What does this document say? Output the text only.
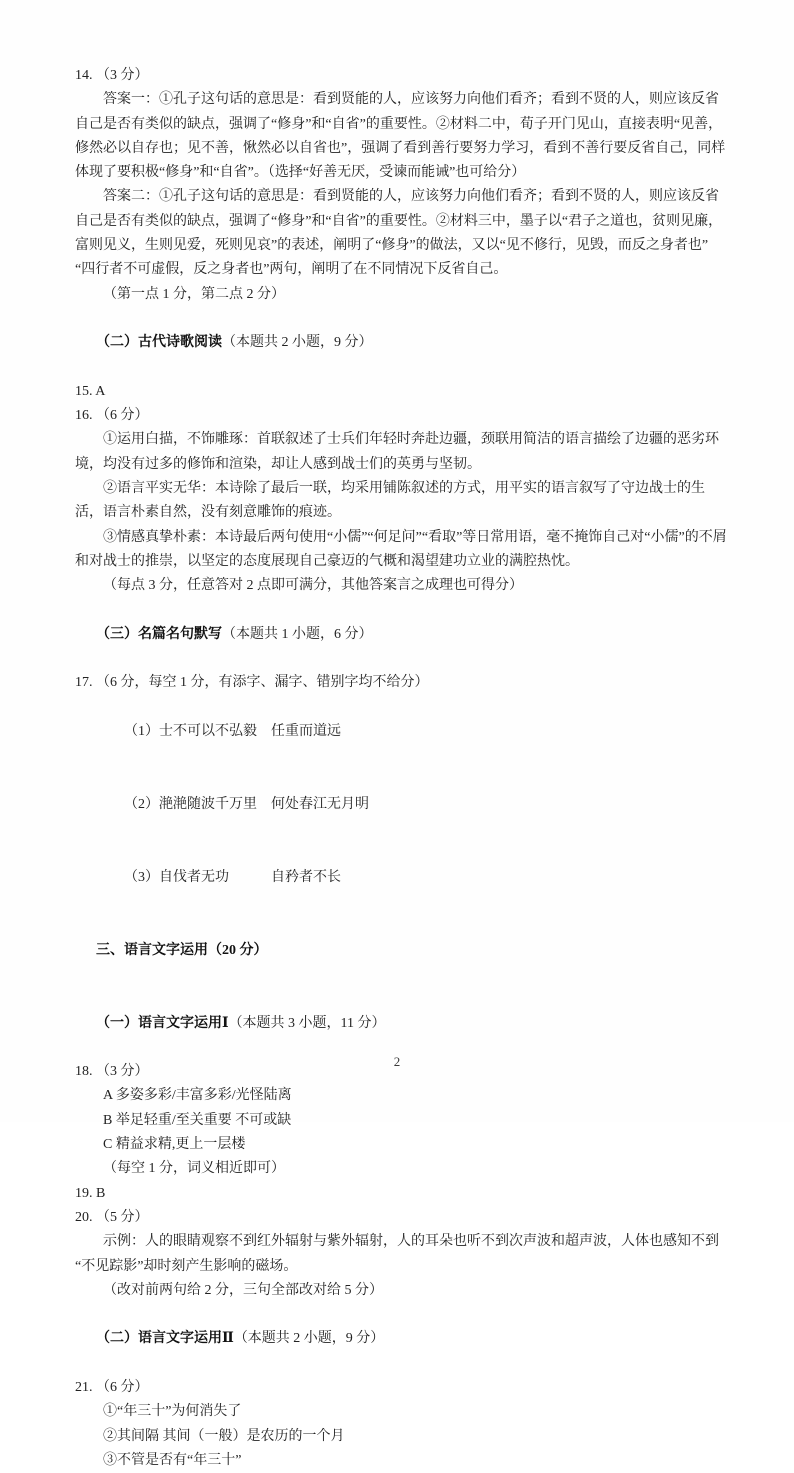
14. （3 分）
答案一：①孔子这句话的意思是：看到贤能的人，应该努力向他们看齐；看到不贤的人，则应该反省自己是否有类似的缺点，强调了“修身”和“自省”的重要性。②材料二中，荀子开门见山，直接表明“见善，修然必以自存也；见不善，愀然必以自省也”，强调了看到善行要努力学习，看到不善行要反省自己，同样体现了要积极“修身”和“自省”。（选择“好善无厌，受谏而能诫”也可给分）
答案二：①孔子这句话的意思是：看到贤能的人，应该努力向他们看齐；看到不贤的人，则应该反省自己是否有类似的缺点，强调了“修身”和“自省”的重要性。②材料三中，墨子以“君子之道也，贫则见廉，富则见义，生则见爱，死则见哀”的表述，阐明了“修身”的做法，又以“见不修行，见毁，而反之身者也”“四行者不可虚假，反之身者也”两句，阐明了在不同情况下反省自己。
（第一点 1 分，第二点 2 分）

（二）古代诗歌阅读（本题共 2 小题，9 分）

15. A
16. （6 分）
①运用白描，不饰雕琢：首联叙述了士兵们年轻时奔赴边疆，颈联用简洁的语言描绘了边疆的恶劣环境，均没有过多的修饰和渲染，却让人感到战士们的英勇与坚韧。
②语言平实无华：本诗除了最后一联，均采用铺陈叙述的方式，用平实的语言叙写了守边战士的生活，语言朴素自然，没有刻意雕饰的痕迹。
③情感真挚朴素：本诗最后两句使用“小儒”“何足问”“看取”等日常用语，毫不掩饰自己对“小儒”的不屑和对战士的推崇，以坚定的态度展现自己豪迈的气概和渴望建功立业的满腔热忱。
（每点 3 分，任意答对 2 点即可满分，其他答案言之成理也可得分）

（三）名篇名句默写（本题共 1 小题，6 分）

17. （6 分，每空 1 分，有添字、漏字、错别字均不给分）

（1）士不可以不弘毅 任重而道远

（2）滟滟随波千万里 何处春江无月明

（3）自伐者无功	自矜者不长

三、语言文字运用（20 分）

（一）语言文字运用Ⅰ（本题共 3 小题，11 分）

18. （3 分）
A 多姿多彩/丰富多彩/光怪陆离
B 举足轻重/至关重要 不可或缺
C 精益求精,更上一层楼
（每空 1 分，词义相近即可）
19. B
20. （5 分）
示例：人的眼睛观察不到红外辐射与紫外辐射，人的耳朵也听不到次声波和超声波，人体也感知不到“不见踪影”却时刻产生影响的磁场。
（改对前两句给 2 分，三句全部改对给 5 分）

（二）语言文字运用Ⅱ（本题共 2 小题，9 分）

21. （6 分）
①“年三十”为何消失了
②其间隔 其间（一般）是农历的一个月
③不管是否有“年三十”
2
